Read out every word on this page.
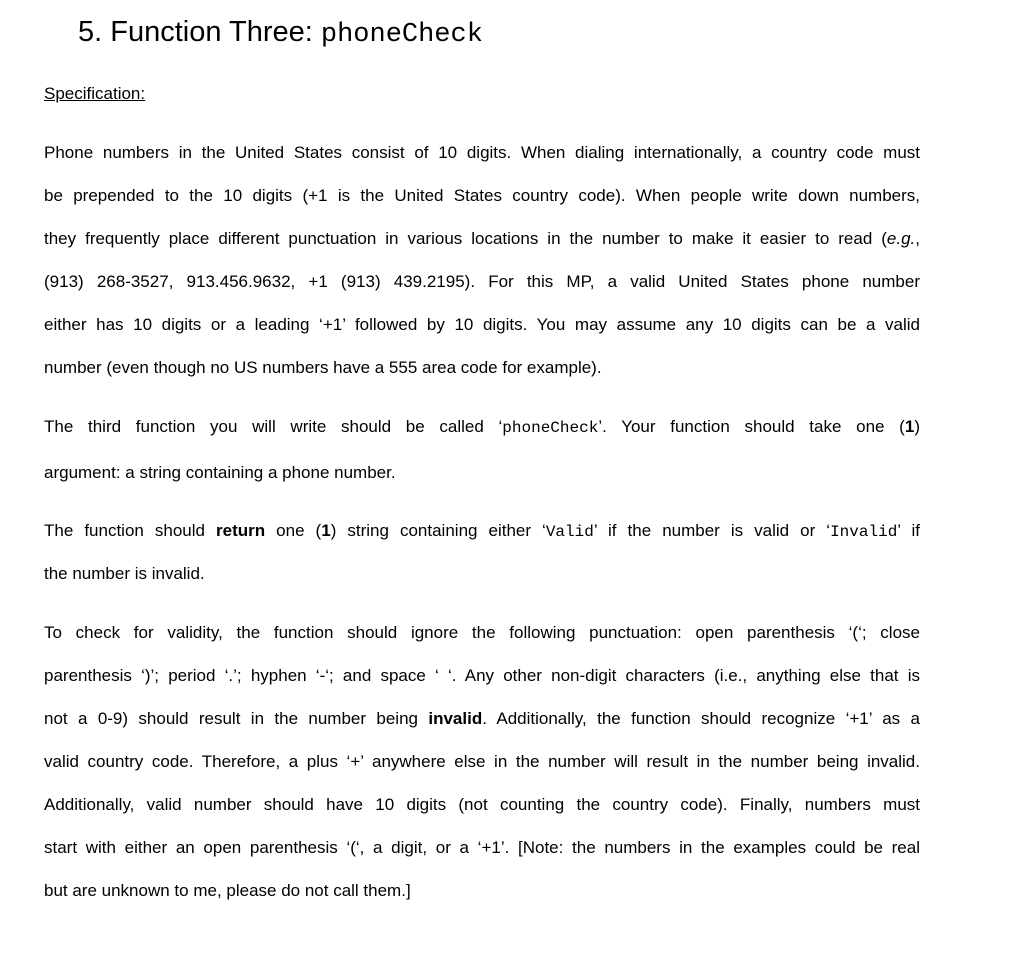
5. Function Three: phoneCheck
Specification:
Phone numbers in the United States consist of 10 digits. When dialing internationally, a country code must
be prepended to the 10 digits (+1 is the United States country code). When people write down numbers,
they frequently place different punctuation in various locations in the number to make it easier to read (e.g.,
(913) 268-3527, 913.456.9632, +1 (913) 439.2195). For this MP, a valid United States phone number
either has 10 digits or a leading ‘+1’ followed by 10 digits. You may assume any 10 digits can be a valid
number (even though no US numbers have a 555 area code for example).
The third function you will write should be called ‘phoneCheck’. Your function should take one (1)
argument: a string containing a phone number.
The function should return one (1) string containing either ‘Valid’ if the number is valid or ‘Invalid’ if
the number is invalid.
To check for validity, the function should ignore the following punctuation: open parenthesis ‘(‘; close
parenthesis ‘)’; period ‘.’; hyphen ‘-‘; and space ‘ ‘. Any other non-digit characters (i.e., anything else that is
not a 0-9) should result in the number being invalid. Additionally, the function should recognize ‘+1’ as a
valid country code. Therefore, a plus ‘+’ anywhere else in the number will result in the number being invalid.
Additionally, valid number should have 10 digits (not counting the country code). Finally, numbers must
start with either an open parenthesis ‘(‘, a digit, or a ‘+1’. [Note: the numbers in the examples could be real
but are unknown to me, please do not call them.]
